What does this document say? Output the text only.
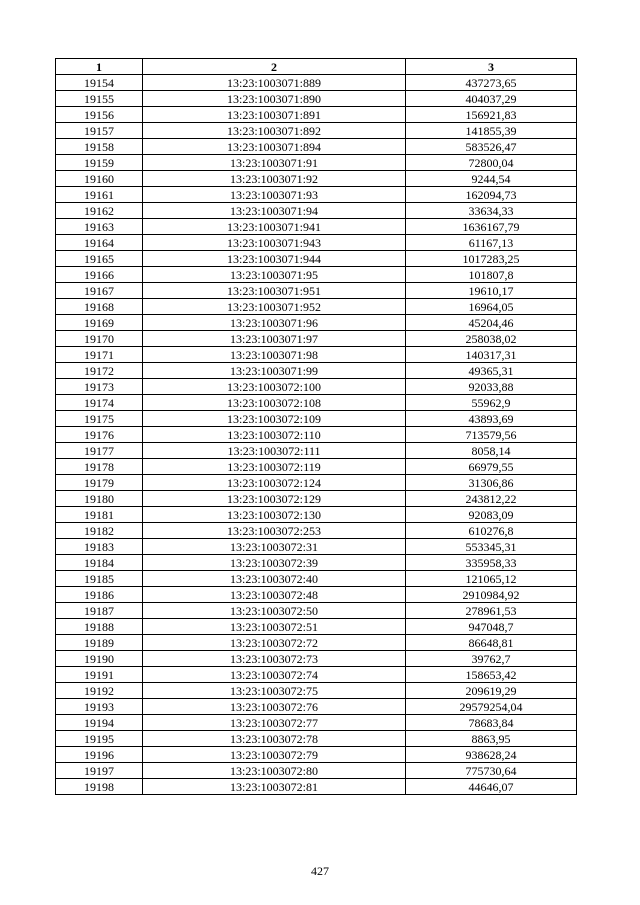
1	2	3
19154	13:23:1003071:889	437273,65
19155	13:23:1003071:890	404037,29
19156	13:23:1003071:891	156921,83
19157	13:23:1003071:892	141855,39
19158	13:23:1003071:894	583526,47
19159	13:23:1003071:91	72800,04
19160	13:23:1003071:92	9244,54
19161	13:23:1003071:93	162094,73
19162	13:23:1003071:94	33634,33
19163	13:23:1003071:941	1636167,79
19164	13:23:1003071:943	61167,13
19165	13:23:1003071:944	1017283,25
19166	13:23:1003071:95	101807,8
19167	13:23:1003071:951	19610,17
19168	13:23:1003071:952	16964,05
19169	13:23:1003071:96	45204,46
19170	13:23:1003071:97	258038,02
19171	13:23:1003071:98	140317,31
19172	13:23:1003071:99	49365,31
19173	13:23:1003072:100	92033,88
19174	13:23:1003072:108	55962,9
19175	13:23:1003072:109	43893,69
19176	13:23:1003072:110	713579,56
19177	13:23:1003072:111	8058,14
19178	13:23:1003072:119	66979,55
19179	13:23:1003072:124	31306,86
19180	13:23:1003072:129	243812,22
19181	13:23:1003072:130	92083,09
19182	13:23:1003072:253	610276,8
19183	13:23:1003072:31	553345,31
19184	13:23:1003072:39	335958,33
19185	13:23:1003072:40	121065,12
19186	13:23:1003072:48	2910984,92
19187	13:23:1003072:50	278961,53
19188	13:23:1003072:51	947048,7
19189	13:23:1003072:72	86648,81
19190	13:23:1003072:73	39762,7
19191	13:23:1003072:74	158653,42
19192	13:23:1003072:75	209619,29
19193	13:23:1003072:76	29579254,04
19194	13:23:1003072:77	78683,84
19195	13:23:1003072:78	8863,95
19196	13:23:1003072:79	938628,24
19197	13:23:1003072:80	775730,64
19198	13:23:1003072:81	44646,07
427
